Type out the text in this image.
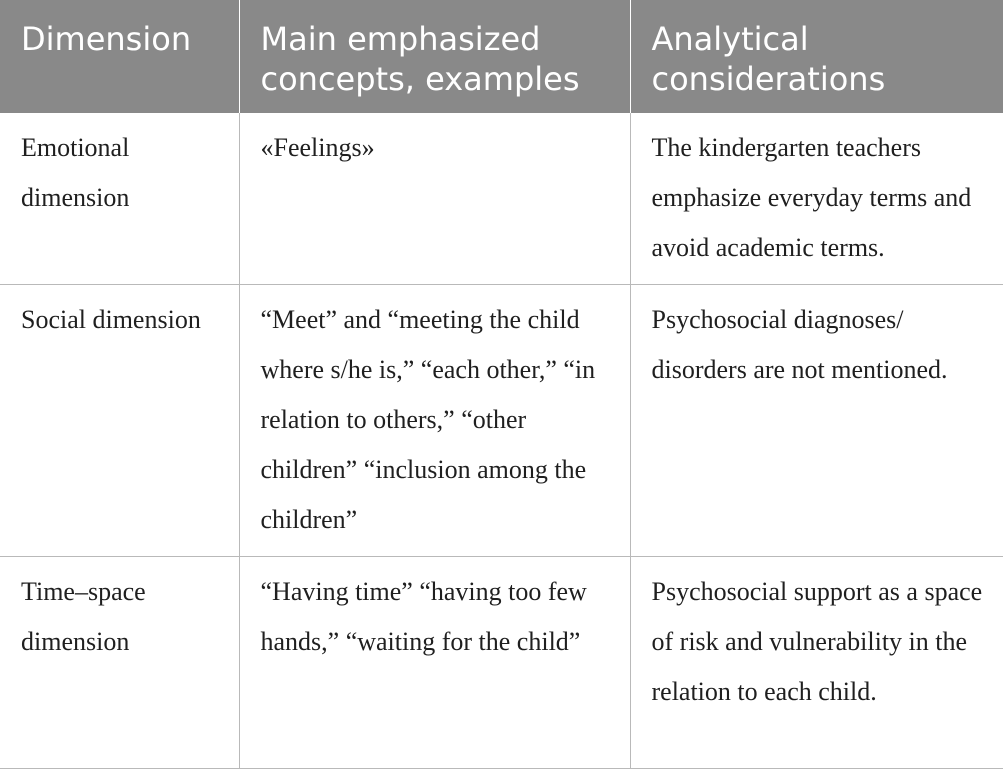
Dimension	Main emphasized concepts, examples	Analytical considerations
Emotional dimension	«Feelings»	The kindergarten teachers emphasize everyday terms and avoid academic terms.
Social dimension	“Meet” and “meeting the child where s/he is,” “each other,” “in relation to others,” “other children” “inclusion among the children”	Psychosocial diagnoses/ disorders are not mentioned.
Time–space dimension	“Having time” “having too few hands,” “waiting for the child”	Psychosocial support as a space of risk and vulnerability in the relation to each child.
